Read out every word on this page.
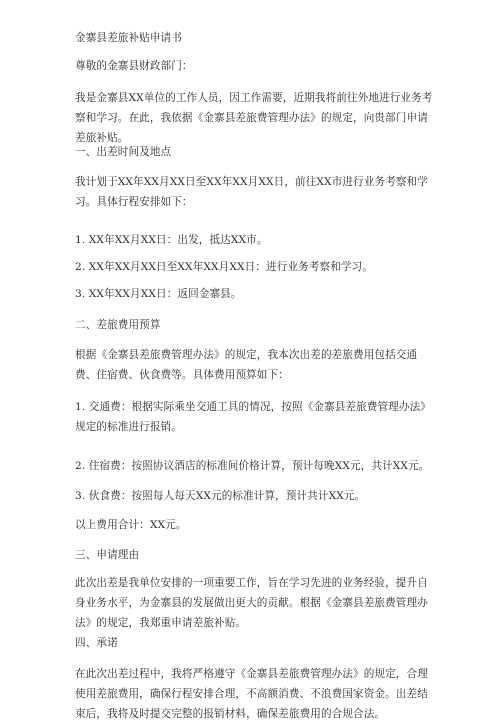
金寨县差旅补贴申请书
尊敬的金寨县财政部门：
我是金寨县XX单位的工作人员，因工作需要，近期我将前往外地进行业务考察和学习。在此，我依据《金寨县差旅费管理办法》的规定，向贵部门申请差旅补贴。
一、出差时间及地点
我计划于XX年XX月XX日至XX年XX月XX日，前往XX市进行业务考察和学习。具体行程安排如下：
1. XX年XX月XX日：出发，抵达XX市。
2. XX年XX月XX日至XX年XX月XX日：进行业务考察和学习。
3. XX年XX月XX日：返回金寨县。
二、差旅费用预算
根据《金寨县差旅费管理办法》的规定，我本次出差的差旅费用包括交通费、住宿费、伙食费等。具体费用预算如下：
1. 交通费：根据实际乘坐交通工具的情况，按照《金寨县差旅费管理办法》规定的标准进行报销。
2. 住宿费：按照协议酒店的标准间价格计算，预计每晚XX元，共计XX元。
3. 伙食费：按照每人每天XX元的标准计算，预计共计XX元。
以上费用合计：XX元。
三、申请理由
此次出差是我单位安排的一项重要工作，旨在学习先进的业务经验，提升自身业务水平，为金寨县的发展做出更大的贡献。根据《金寨县差旅费管理办法》的规定，我郑重申请差旅补贴。
四、承诺
在此次出差过程中，我将严格遵守《金寨县差旅费管理办法》的规定，合理使用差旅费用，确保行程安排合理，不高额消费、不浪费国家资金。出差结束后，我将及时提交完整的报销材料，确保差旅费用的合规合法。
